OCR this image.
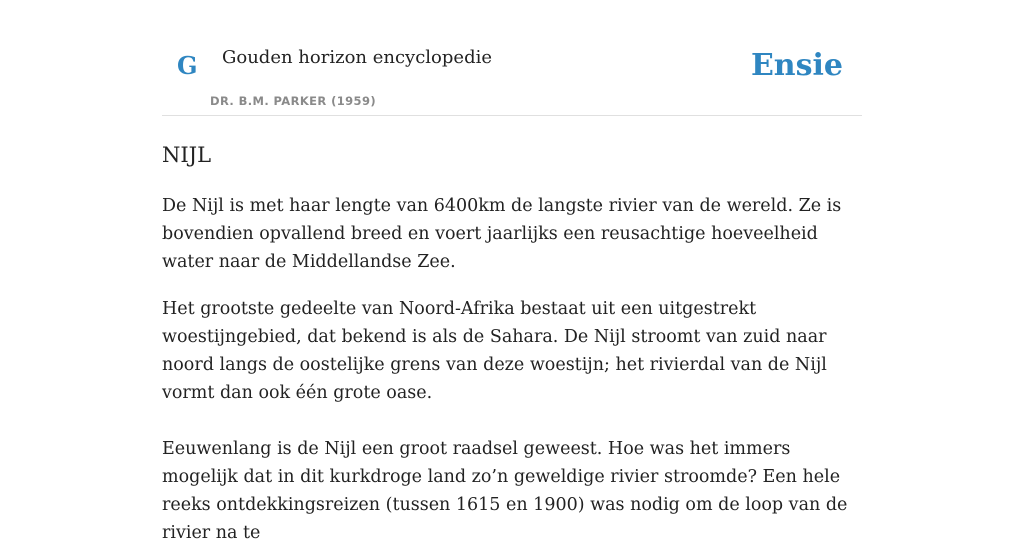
G Gouden horizon encyclopedie
DR. B.M. PARKER (1959)
Ensie
NIJL

De Nijl is met haar lengte van 6400km de langste rivier van de wereld. Ze is bovendien opvallend breed en voert jaarlijks een reusachtige hoeveelheid water naar de Middellandse Zee.

Het grootste gedeelte van Noord-Afrika bestaat uit een uitgestrekt woestijngebied, dat bekend is als de Sahara. De Nijl stroomt van zuid naar noord langs de oostelijke grens van deze woestijn; het rivierdal van de Nijl vormt dan ook één grote oase.

Eeuwenlang is de Nijl een groot raadsel geweest. Hoe was het immers mogelijk dat in dit kurkdroge land zo’n geweldige rivier stroomde? Een hele reeks ontdekkingsreizen (tussen 1615 en 1900) was nodig om de loop van de rivier na te
